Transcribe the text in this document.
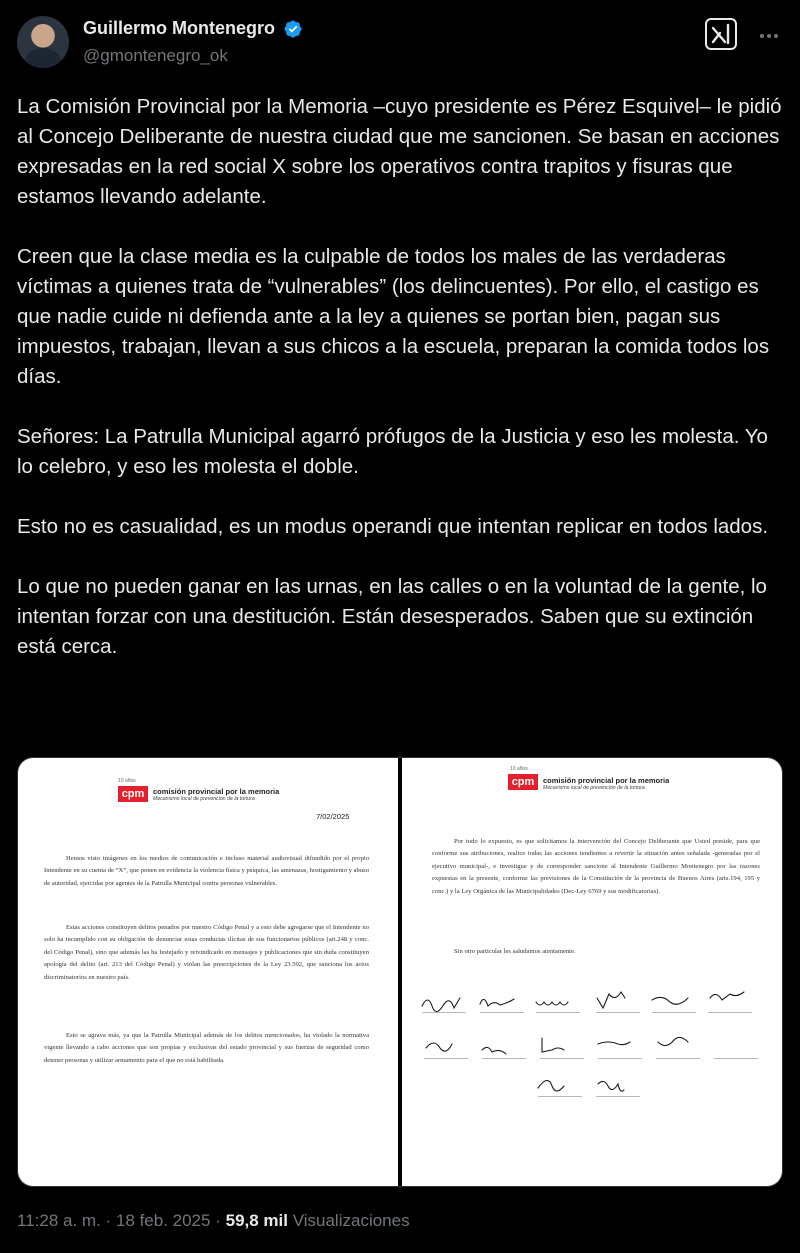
Guillermo Montenegro
@gmontenegro_ok

La Comisión Provincial por la Memoria –cuyo presidente es Pérez Esquivel– le pidió al Concejo Deliberante de nuestra ciudad que me sancionen. Se basan en acciones expresadas en la red social X sobre los operativos contra trapitos y fisuras que estamos llevando adelante.

Creen que la clase media es la culpable de todos los males de las verdaderas víctimas a quienes trata de “vulnerables” (los delincuentes). Por ello, el castigo es que nadie cuide ni defienda ante a la ley a quienes se portan bien, pagan sus impuestos, trabajan, llevan a sus chicos a la escuela, preparan la comida todos los días.

Señores: La Patrulla Municipal agarró prófugos de la Justicia y eso les molesta. Yo lo celebro, y eso les molesta el doble.

Esto no es casualidad, es un modus operandi que intentan replicar en todos lados.

Lo que no pueden ganar en las urnas, en las calles o en la voluntad de la gente, lo intentan forzar con una destitución. Están desesperados. Saben que su extinción está cerca.

10 años
cpm	comisión provincial por la memoria
Mecanismo local de prevención de la tortura
7/02/2025

Hemos visto imágenes en los medios de comunicación e incluso material audiovisual difundido por el propio Intendente en su cuenta de “X”, que ponen en evidencia la violencia física y psíquica, las amenazas, hostigamiento y abuso de autoridad, ejercidas por agentes de la Patrulla Municipal contra personas vulnerables.

Estas acciones constituyen delitos penados por nuestro Código Penal y a esto debe agregarse que el Intendente no solo ha incumplido con su obligación de denunciar estas conductas ilícitas de sus funcionarios públicos (art.248 y conc. del Código Penal), sino que además las ha festejado y reivindicado en mensajes y publicaciones que sin duda constituyen apología del delito (art. 213 del Código Penal) y violan las prescripciones de la Ley 23.592, que sanciona los actos discriminatorios en nuestro país.

Esto se agrava más, ya que la Patrulla Municipal además de los delitos mencionados, ha violado la normativa vigente llevando a cabo acciones que son propias y exclusivas del estado provincial y sus fuerzas de seguridad como detener personas y utilizar armamento para el que no está habilitada.

10 años
cpm	comisión provincial por la memoria
Mecanismo local de prevención de la tortura

Por todo lo expuesto, es que solicitamos la intervención del Concejo Deliberante que Usted preside, para que conforme sus atribuciones, realice todas las acciones tendientes a revertir la situación antes señalada -generadas por el ejecutivo municipal-, e investigue y de corresponder sancione al Intendente Guillermo Montenegro por las razones expuestas en la presente, conforme las previsiones de la Constitución de la provincia de Buenos Aires (arts.194, 195 y conc.) y la Ley Orgánica de las Municipalidades (Dec-Ley 6769 y sus modificatorias).

Sin otro particular les saludamos atentamente.

11:28 a. m. · 18 feb. 2025 · 59,8 mil Visualizaciones
